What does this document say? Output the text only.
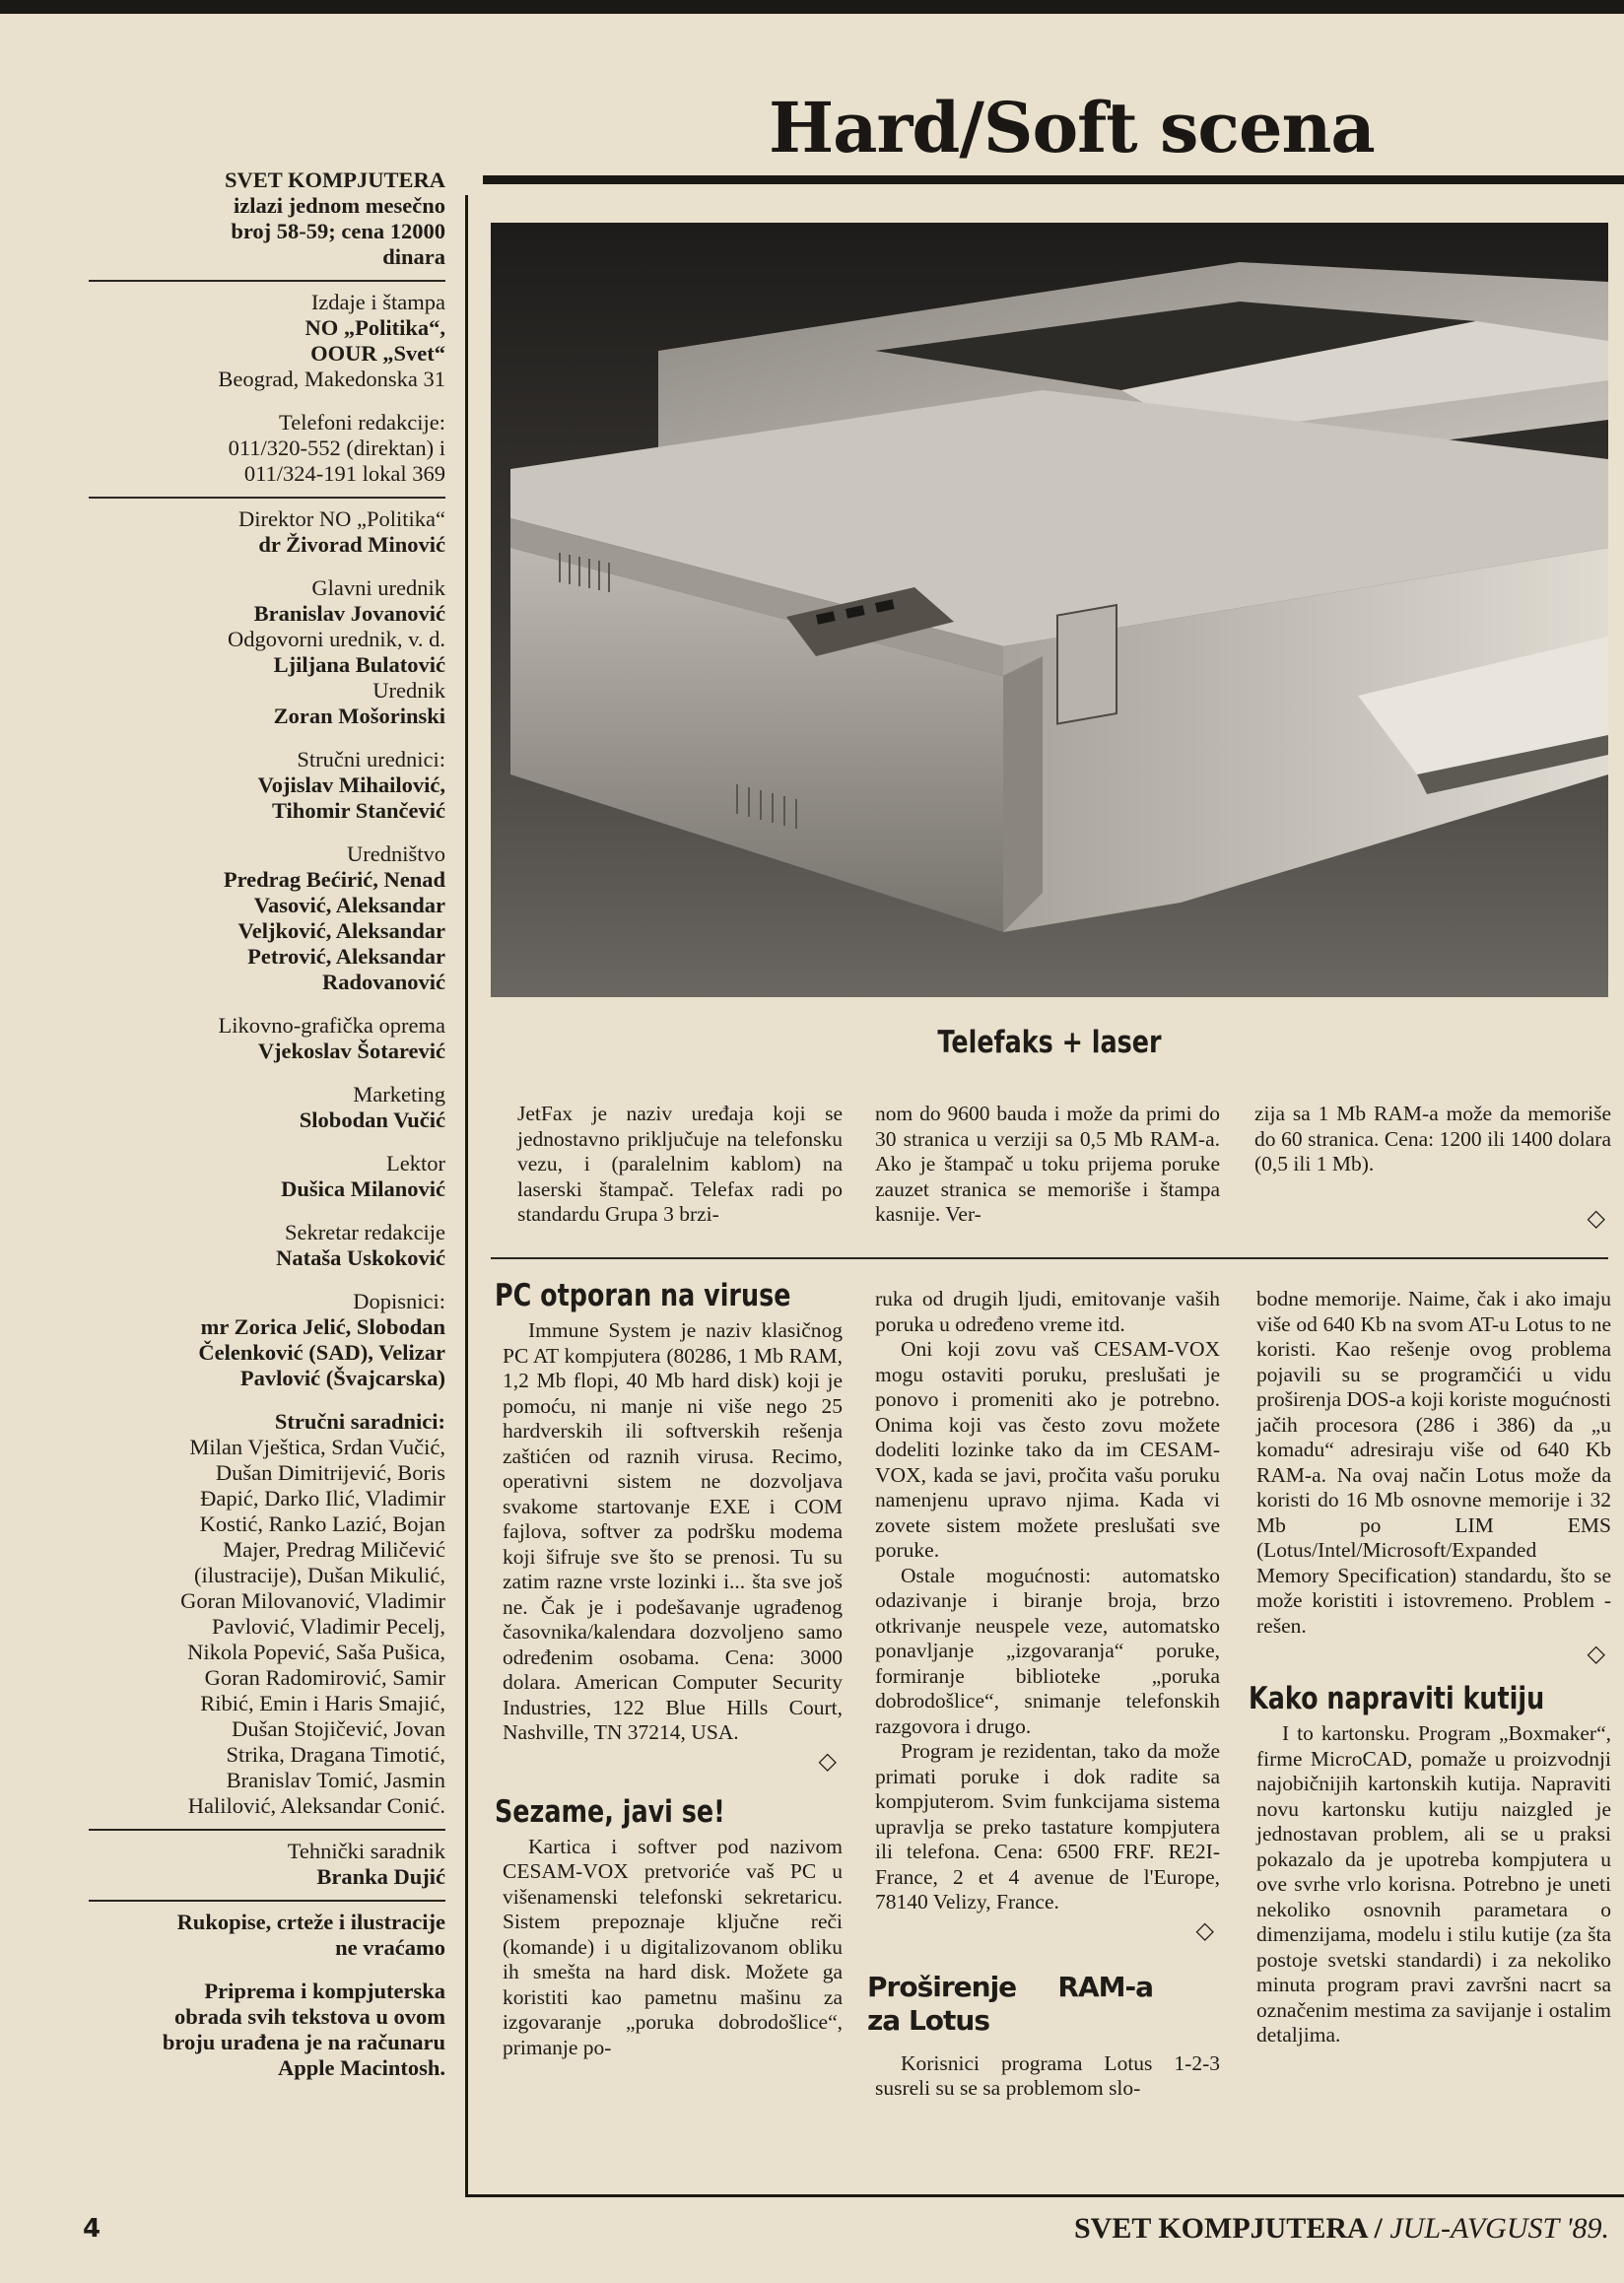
Hard/Soft scena
SVET KOMPJUTERA
izlazi jednom mesečno
broj 58-59; cena 12000
dinara
Izdaje i štampa
NO „Politika“,
OOUR „Svet“
Beograd, Makedonska 31
Telefoni redakcije:
011/320-552 (direktan) i
011/324-191 lokal 369
Direktor NO „Politika“
dr Živorad Minović
Glavni urednik
Branislav Jovanović
Odgovorni urednik, v. d.
Ljiljana Bulatović
Urednik
Zoran Mošorinski
Stručni urednici:
Vojislav Mihailović,
Tihomir Stančević
Uredništvo
Predrag Bećirić, Nenad
Vasović, Aleksandar
Veljković, Aleksandar
Petrović, Aleksandar
Radovanović
Likovno-grafička oprema
Vjekoslav Šotarević
Marketing
Slobodan Vučić
Lektor
Dušica Milanović
Sekretar redakcije
Nataša Uskoković
Dopisnici:
mr Zorica Jelić, Slobodan
Čelenković (SAD), Velizar
Pavlović (Švajcarska)
Stručni saradnici:
Milan Vještica, Srdan Vučić,
Dušan Dimitrijević, Boris
Đapić, Darko Ilić, Vladimir
Kostić, Ranko Lazić, Bojan
Majer, Predrag Miličević
(ilustracije), Dušan Mikulić,
Goran Milovanović, Vladimir
Pavlović, Vladimir Pecelj,
Nikola Popević, Saša Pušica,
Goran Radomirović, Samir
Ribić, Emin i Haris Smajić,
Dušan Stojičević, Jovan
Strika, Dragana Timotić,
Branislav Tomić, Jasmin
Halilović, Aleksandar Conić.
Tehnički saradnik
Branka Dujić
Rukopise, crteže i ilustracije
ne vraćamo
Priprema i kompjuterska
obrada svih tekstova u ovom
broju urađena je na računaru
Apple Macintosh.
Telefaks + laser

JetFax je naziv uređaja koji se jednostavno priključuje na telefonsku vezu, i (paralelnim kablom) na laserski štampač. Telefax radi po standardu Grupa 3 brzi-

nom do 9600 bauda i može da primi do 30 stranica u verziji sa 0,5 Mb RAM-a. Ako je štampač u toku prijema poruke zauzet stranica se memoriše i štampa kasnije. Ver-

zija sa 1 Mb RAM-a može da memoriše do 60 stranica. Cena: 1200 ili 1400 dolara (0,5 ili 1 Mb).

◇

PC otporan na viruse

Immune System je naziv klasičnog PC AT kompjutera (80286, 1 Mb RAM, 1,2 Mb flopi, 40 Mb hard disk) koji je pomoću, ni manje ni više nego 25 hardverskih ili softverskih rešenja zaštićen od raznih virusa. Recimo, operativni sistem ne dozvoljava svakome startovanje EXE i COM fajlova, softver za podršku modema koji šifruje sve što se prenosi. Tu su zatim razne vrste lozinki i... šta sve još ne. Čak je i podešavanje ugrađenog časovnika/kalendara dozvoljeno samo određenim osobama. Cena: 3000 dolara. American Computer Security Industries, 122 Blue Hills Court, Nashville, TN 37214, USA.

◇

Sezame, javi se!

Kartica i softver pod nazivom CESAM-VOX pretvoriće vaš PC u višenamenski telefonski sekretaricu. Sistem prepoznaje ključne reči (komande) i u digitalizovanom obliku ih smešta na hard disk. Možete ga koristiti kao pametnu mašinu za izgovaranje „poruka dobrodošlice“, primanje po-

ruka od drugih ljudi, emitovanje vaših poruka u određeno vreme itd.

Oni koji zovu vaš CESAM-VOX mogu ostaviti poruku, preslušati je ponovo i promeniti ako je potrebno. Onima koji vas često zovu možete dodeliti lozinke tako da im CESAM-VOX, kada se javi, pročita vašu poruku namenjenu upravo njima. Kada vi zovete sistem možete preslušati sve poruke.

Ostale mogućnosti: automatsko odazivanje i biranje broja, brzo otkrivanje neuspele veze, automatsko ponavljanje „izgovaranja“ poruke, formiranje biblioteke „poruka dobrodošlice“, snimanje telefonskih razgovora i drugo.

Program je rezidentan, tako da može primati poruke i dok radite sa kompjuterom. Svim funkcijama sistema upravlja se preko tastature kompjutera ili telefona. Cena: 6500 FRF. RE2I-France, 2 et 4 avenue de l'Europe, 78140 Velizy, France.

◇

Proširenje RAM-a za Lotus

Korisnici programa Lotus 1-2-3 susreli su se sa problemom slo-

bodne memorije. Naime, čak i ako imaju više od 640 Kb na svom AT-u Lotus to ne koristi. Kao rešenje ovog problema pojavili su se programčići u vidu proširenja DOS-a koji koriste mogućnosti jačih procesora (286 i 386) da „u komadu“ adresiraju više od 640 Kb RAM-a. Na ovaj način Lotus može da koristi do 16 Mb osnovne memorije i 32 Mb po LIM EMS (Lotus/Intel/Microsoft/Expanded Memory Specification) standardu, što se može koristiti i istovremeno. Problem - rešen.

◇

Kako napraviti kutiju

I to kartonsku. Program „Boxmaker“, firme MicroCAD, pomaže u proizvodnji najobičnijih kartonskih kutija. Napraviti novu kartonsku kutiju naizgled je jednostavan problem, ali se u praksi pokazalo da je upotreba kompjutera u ove svrhe vrlo korisna. Potrebno je uneti nekoliko osnovnih parametara o dimenzijama, modelu i stilu kutije (za šta postoje svetski standardi) i za nekoliko minuta program pravi završni nacrt sa označenim mestima za savijanje i ostalim detaljima.

4	SVET KOMPJUTERA / JUL-AVGUST '89.
